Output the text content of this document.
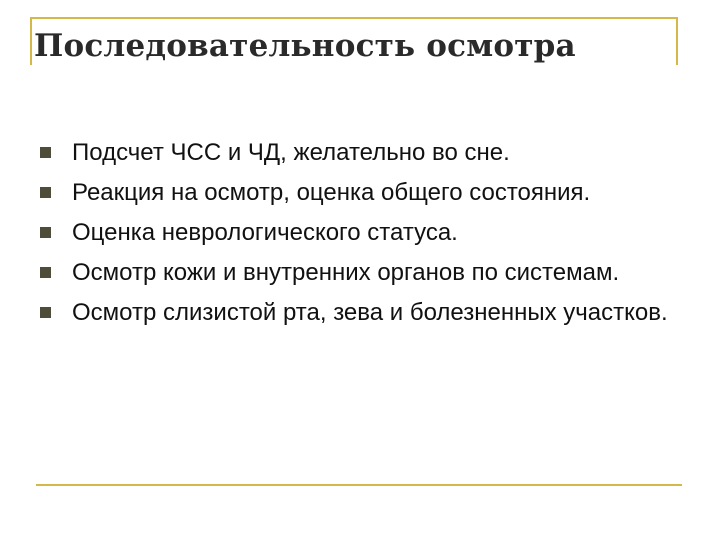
Последовательность осмотра
Подсчет ЧСС и ЧД, желательно во сне.
Реакция на осмотр, оценка общего состояния.
Оценка неврологического статуса.
Осмотр кожи и внутренних органов по системам.
Осмотр слизистой рта, зева и болезненных участков.
